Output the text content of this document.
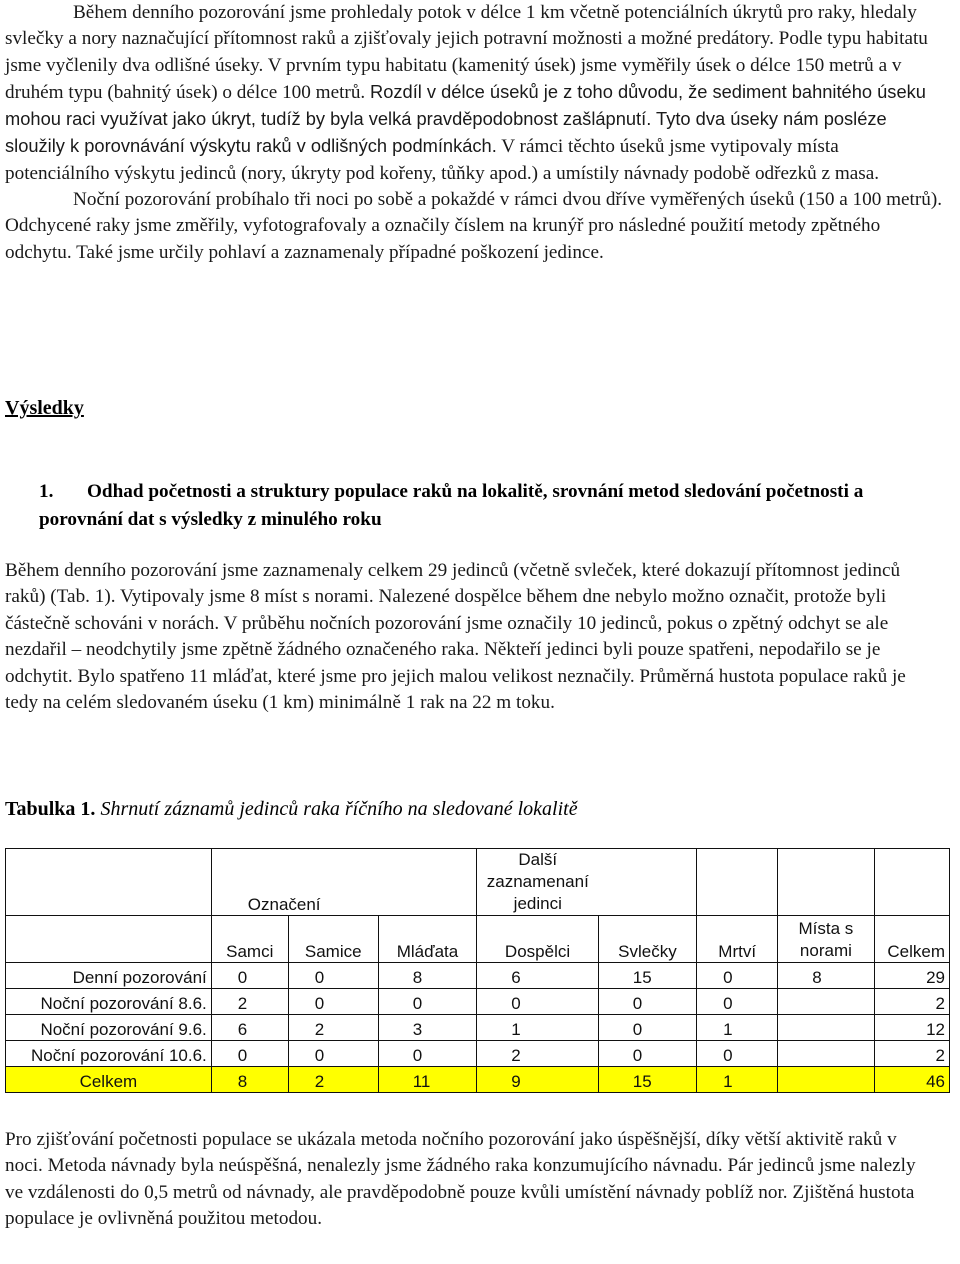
Během denního pozorování jsme prohledaly potok v délce 1 km včetně potenciálních úkrytů pro raky, hledaly svlečky a nory naznačující přítomnost raků a zjišťovaly jejich potravní možnosti a možné predátory. Podle typu habitatu jsme vyčlenily dva odlišné úseky. V prvním typu habitatu (kamenitý úsek) jsme vyměřily úsek o délce 150 metrů a v druhém typu (bahnitý úsek) o délce 100 metrů. Rozdíl v délce úseků je z toho důvodu, že sediment bahnitého úseku mohou raci využívat jako úkryt, tudíž by byla velká pravděpodobnost zašlápnutí. Tyto dva úseky nám posléze sloužily k porovnávání výskytu raků v odlišných podmínkách. V rámci těchto úseků jsme vytipovaly místa potenciálního výskytu jedinců (nory, úkryty pod kořeny, tůňky apod.) a umístily návnady podobě odřezků z masa.

Noční pozorování probíhalo tři noci po sobě a pokaždé v rámci dvou dříve vyměřených úseků (150 a 100 metrů). Odchycené raky jsme změřily, vyfotografovaly a označily číslem na krunýř pro následné použití metody zpětného odchytu. Také jsme určily pohlaví a zaznamenaly případné poškození jedince.

Výsledky
1. Odhad početnosti a struktury populace raků na lokalitě, srovnání metod sledování početnosti a porovnání dat s výsledky z minulého roku

Během denního pozorování jsme zaznamenaly celkem 29 jedinců (včetně svleček, které dokazují přítomnost jedinců raků) (Tab. 1). Vytipovaly jsme 8 míst s norami. Nalezené dospělce během dne nebylo možno označit, protože byli částečně schováni v norách. V průběhu nočních pozorování jsme označily 10 jedinců, pokus o zpětný odchyt se ale nezdařil – neodchytily jsme zpětně žádného označeného raka. Někteří jedinci byli pouze spatřeni, nepodařilo se je odchytit. Bylo spatřeno 11 mláďat, které jsme pro jejich malou velikost neznačily. Průměrná hustota populace raků je tedy na celém sledovaném úseku (1 km) minimálně 1 rak na 22 m toku.

Tabulka 1. Shrnutí záznamů jedinců raka říčního na sledované lokalitě
	Označení			Další zaznamenaní jedinci				
	Samci	Samice	Mláďata	Dospělci	Svlečky	Mrtví	Místa s norami	Celkem
Denní pozorování	0	0	8	6	15	0	8	29
Noční pozorování 8.6.	2	0	0	0	0	0		2
Noční pozorování 9.6.	6	2	3	1	0	1		12
Noční pozorování 10.6.	0	0	0	2	0	0		2
Celkem	8	2	11	9	15	1		46

Pro zjišťování početnosti populace se ukázala metoda nočního pozorování jako úspěšnější, díky větší aktivitě raků v noci. Metoda návnady byla neúspěšná, nenalezly jsme žádného raka konzumujícího návnadu. Pár jedinců jsme nalezly ve vzdálenosti do 0,5 metrů od návnady, ale pravděpodobně pouze kvůli umístění návnady poblíž nor. Zjištěná hustota populace je ovlivněná použitou metodou.
